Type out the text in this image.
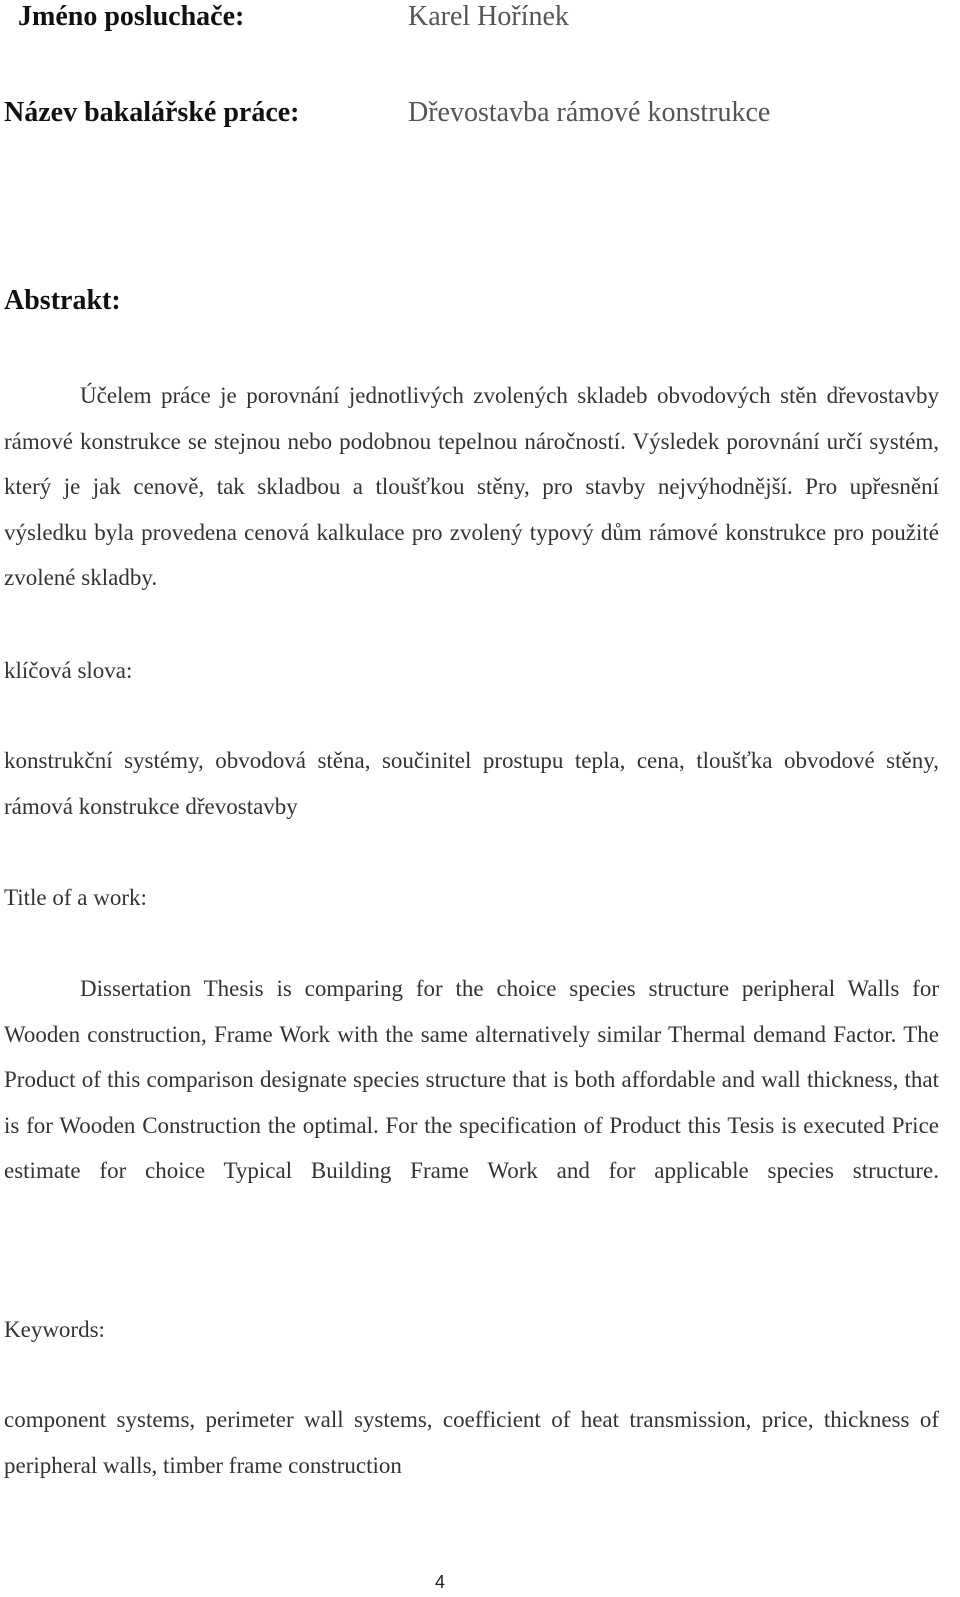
Jméno posluchače:	Karel Hořínek
Název bakalářské práce:	Dřevostavba rámové konstrukce
Abstrakt:
Účelem práce je porovnání jednotlivých zvolených skladeb obvodových stěn dřevostavby rámové konstrukce se stejnou nebo podobnou tepelnou náročností. Výsledek porovnání určí systém, který je jak cenově, tak skladbou a tloušťkou stěny, pro stavby nejvýhodnější. Pro upřesnění výsledku byla provedena cenová kalkulace pro zvolený typový dům rámové konstrukce pro použité zvolené skladby.
klíčová slova:
konstrukční systémy, obvodová stěna, součinitel prostupu tepla, cena, tloušťka obvodové stěny, rámová konstrukce dřevostavby
Title of a work:
Dissertation Thesis is comparing for the choice species structure peripheral Walls for Wooden construction, Frame Work with the same alternatively similar Thermal demand Factor. The Product of this comparison designate species structure that is both affordable and wall thickness, that is for Wooden Construction the optimal. For the specification of Product this Tesis is executed Price estimate for choice Typical Building Frame Work and for applicable species structure.
Keywords:
component systems, perimeter wall systems, coefficient of heat transmission, price, thickness of peripheral walls, timber frame construction
4
